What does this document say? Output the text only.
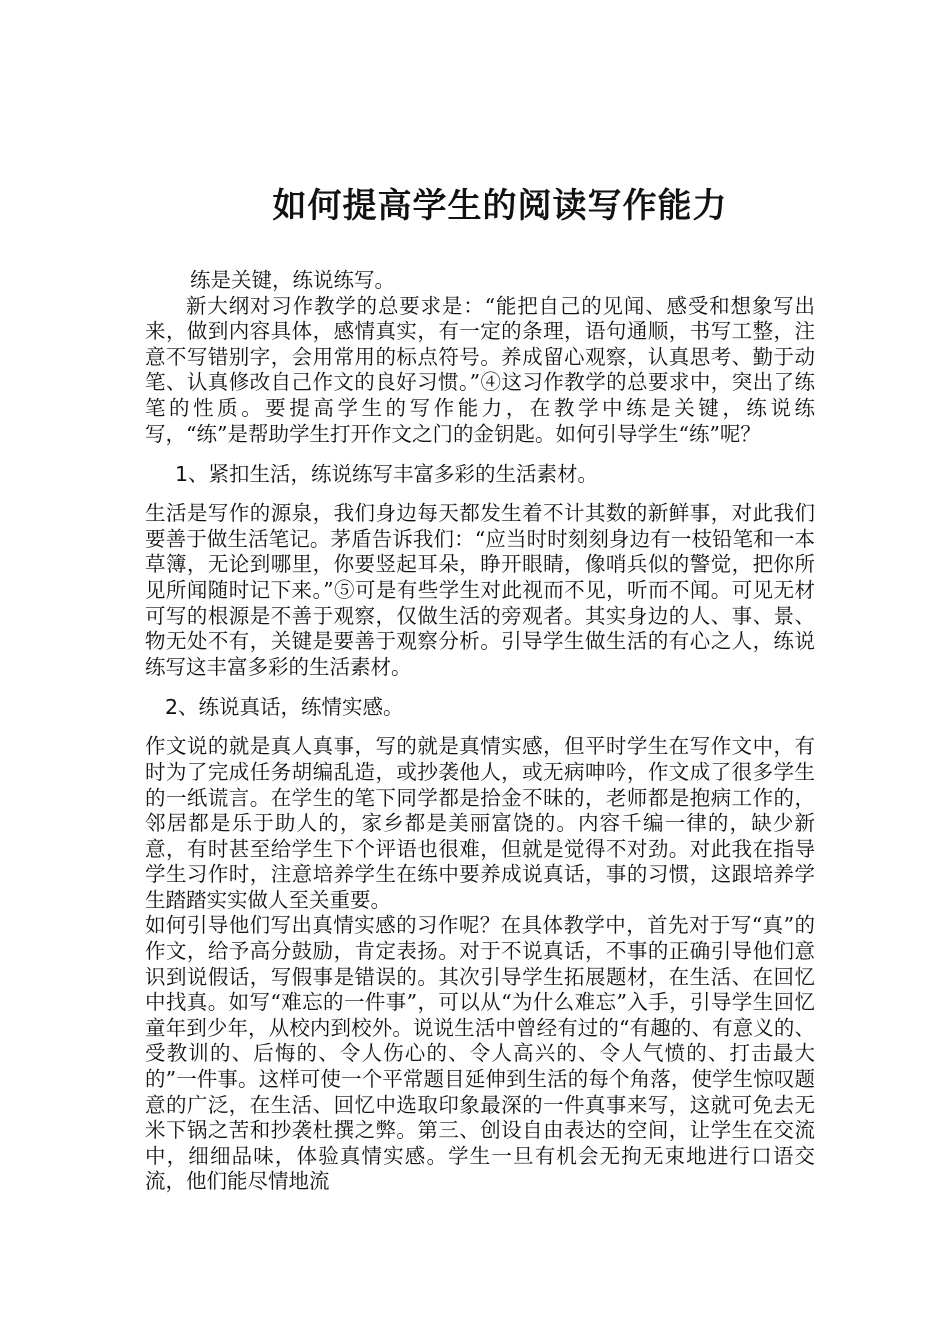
如何提高学生的阅读写作能力

练是关键，练说练写。

新大纲对习作教学的总要求是：“能把自己的见闻、感受和想象写出来，做到内容具体，感情真实，有一定的条理，语句通顺，书写工整，注意不写错别字，会用常用的标点符号。养成留心观察，认真思考、勤于动笔、认真修改自己作文的良好习惯。”④这习作教学的总要求中，突出了练笔的性质。要提高学生的写作能力，在教学中练是关键，练说练写，“练”是帮助学生打开作文之门的金钥匙。如何引导学生“练”呢？

1、紧扣生活，练说练写丰富多彩的生活素材。

生活是写作的源泉，我们身边每天都发生着不计其数的新鲜事，对此我们要善于做生活笔记。茅盾告诉我们：“应当时时刻刻身边有一枝铅笔和一本草簿，无论到哪里，你要竖起耳朵，睁开眼睛，像哨兵似的警觉，把你所见所闻随时记下来。”⑤可是有些学生对此视而不见，听而不闻。可见无材可写的根源是不善于观察，仅做生活的旁观者。其实身边的人、事、景、物无处不有，关键是要善于观察分析。引导学生做生活的有心之人，练说练写这丰富多彩的生活素材。

2、练说真话，练情实感。

作文说的就是真人真事，写的就是真情实感，但平时学生在写作文中，有时为了完成任务胡编乱造，或抄袭他人，或无病呻吟，作文成了很多学生的一纸谎言。在学生的笔下同学都是拾金不昧的，老师都是抱病工作的，邻居都是乐于助人的，家乡都是美丽富饶的。内容千编一律的，缺少新意，有时甚至给学生下个评语也很难，但就是觉得不对劲。对此我在指导学生习作时，注意培养学生在练中要养成说真话，事的习惯，这跟培养学生踏踏实实做人至关重要。

如何引导他们写出真情实感的习作呢？在具体教学中，首先对于写“真”的作文，给予高分鼓励，肯定表扬。对于不说真话，不事的正确引导他们意识到说假话，写假事是错误的。其次引导学生拓展题材，在生活、在回忆中找真。如写“难忘的一件事”，可以从“为什么难忘”入手，引导学生回忆童年到少年，从校内到校外。说说生活中曾经有过的“有趣的、有意义的、受教训的、后悔的、令人伤心的、令人高兴的、令人气愤的、打击最大的”一件事。这样可使一个平常题目延伸到生活的每个角落，使学生惊叹题意的广泛，在生活、回忆中选取印象最深的一件真事来写，这就可免去无米下锅之苦和抄袭杜撰之弊。第三、创设自由表达的空间，让学生在交流中，细细品味，体验真情实感。学生一旦有机会无拘无束地进行口语交流，他们能尽情地流
